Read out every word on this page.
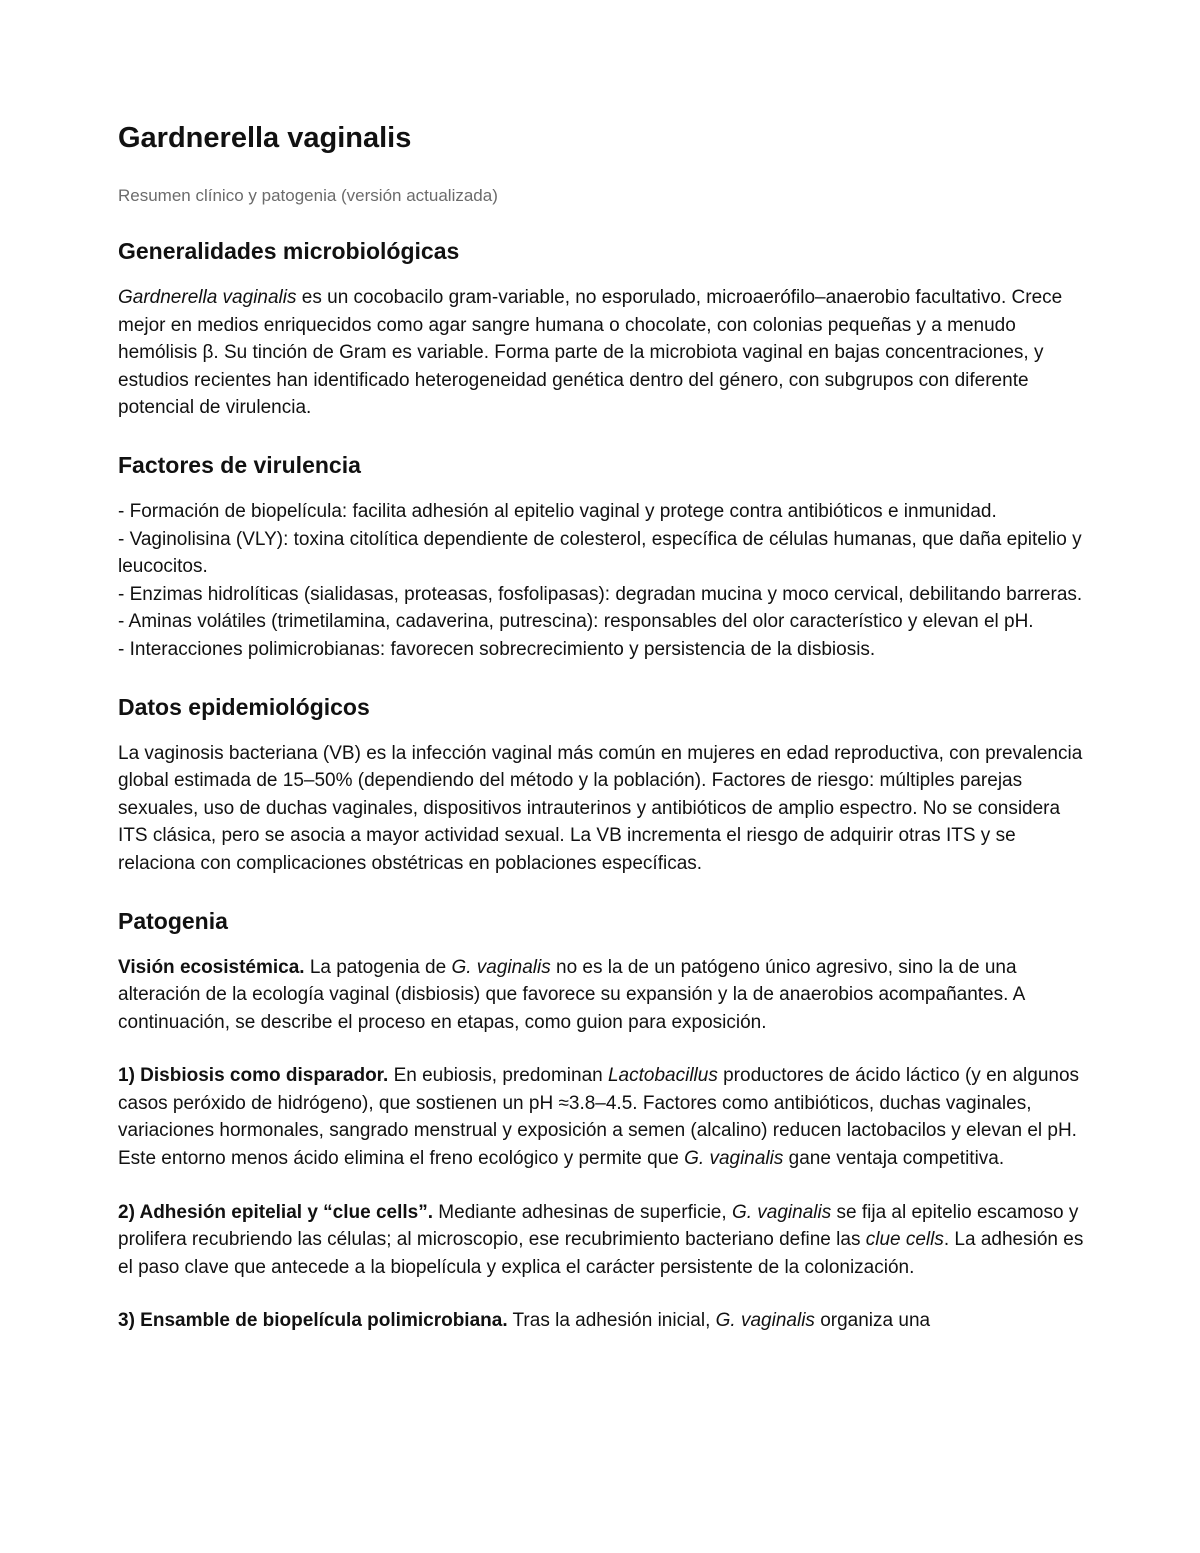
Gardnerella vaginalis
Resumen clínico y patogenia (versión actualizada)
Generalidades microbiológicas

Gardnerella vaginalis es un cocobacilo gram-variable, no esporulado, microaerófilo–anaerobio facultativo. Crece mejor en medios enriquecidos como agar sangre humana o chocolate, con colonias pequeñas y a menudo hemólisis β. Su tinción de Gram es variable. Forma parte de la microbiota vaginal en bajas concentraciones, y estudios recientes han identificado heterogeneidad genética dentro del género, con subgrupos con diferente potencial de virulencia.

Factores de virulencia
- Formación de biopelícula: facilita adhesión al epitelio vaginal y protege contra antibióticos e inmunidad.
- Vaginolisina (VLY): toxina citolítica dependiente de colesterol, específica de células humanas, que daña epitelio y leucocitos.
- Enzimas hidrolíticas (sialidasas, proteasas, fosfolipasas): degradan mucina y moco cervical, debilitando barreras.
- Aminas volátiles (trimetilamina, cadaverina, putrescina): responsables del olor característico y elevan el pH.
- Interacciones polimicrobianas: favorecen sobrecrecimiento y persistencia de la disbiosis.
Datos epidemiológicos

La vaginosis bacteriana (VB) es la infección vaginal más común en mujeres en edad reproductiva, con prevalencia global estimada de 15–50% (dependiendo del método y la población). Factores de riesgo: múltiples parejas sexuales, uso de duchas vaginales, dispositivos intrauterinos y antibióticos de amplio espectro. No se considera ITS clásica, pero se asocia a mayor actividad sexual. La VB incrementa el riesgo de adquirir otras ITS y se relaciona con complicaciones obstétricas en poblaciones específicas.

Patogenia

Visión ecosistémica. La patogenia de G. vaginalis no es la de un patógeno único agresivo, sino la de una alteración de la ecología vaginal (disbiosis) que favorece su expansión y la de anaerobios acompañantes. A continuación, se describe el proceso en etapas, como guion para exposición.

1) Disbiosis como disparador. En eubiosis, predominan Lactobacillus productores de ácido láctico (y en algunos casos peróxido de hidrógeno), que sostienen un pH ≈3.8–4.5. Factores como antibióticos, duchas vaginales, variaciones hormonales, sangrado menstrual y exposición a semen (alcalino) reducen lactobacilos y elevan el pH. Este entorno menos ácido elimina el freno ecológico y permite que G. vaginalis gane ventaja competitiva.

2) Adhesión epitelial y “clue cells”. Mediante adhesinas de superficie, G. vaginalis se fija al epitelio escamoso y prolifera recubriendo las células; al microscopio, ese recubrimiento bacteriano define las clue cells. La adhesión es el paso clave que antecede a la biopelícula y explica el carácter persistente de la colonización.

3) Ensamble de biopelícula polimicrobiana. Tras la adhesión inicial, G. vaginalis organiza una
